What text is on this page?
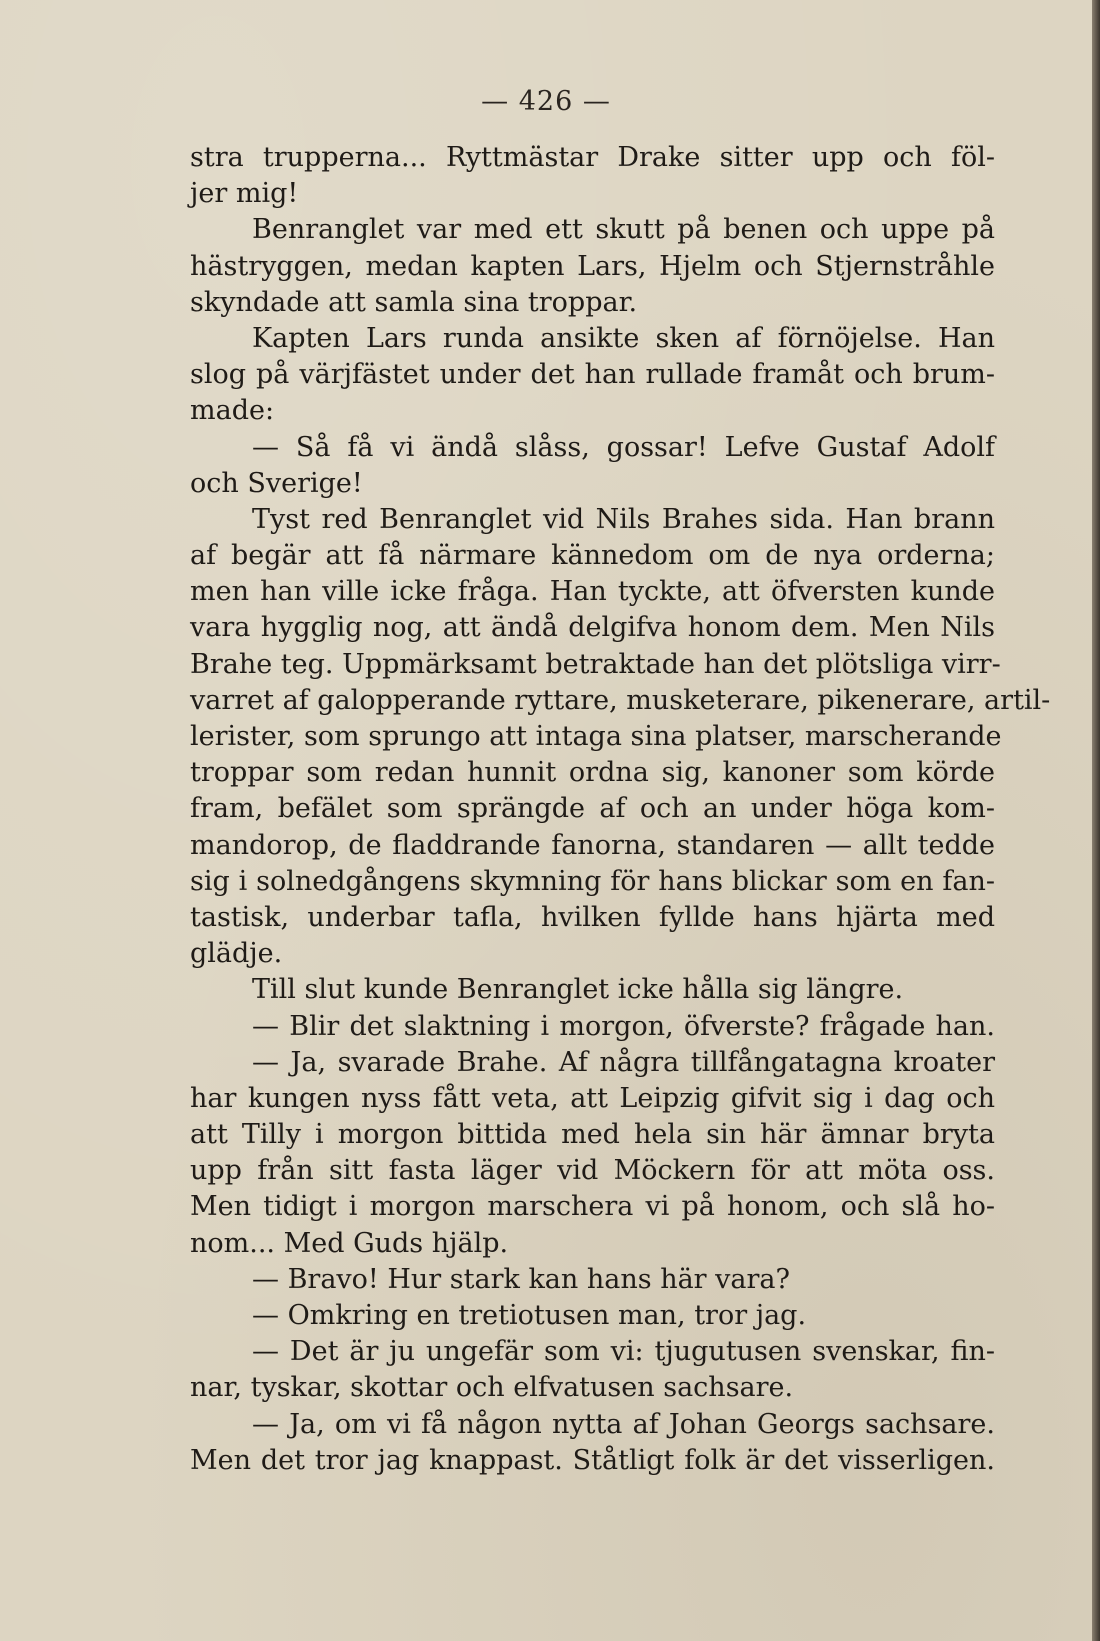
— 426 —
stra trupperna... Ryttmästar Drake sitter upp och föl-
jer mig!
Benranglet var med ett skutt på benen och uppe på
hästryggen, medan kapten Lars, Hjelm och Stjernstråhle
skyndade att samla sina troppar.
Kapten Lars runda ansikte sken af förnöjelse. Han
slog på värjfästet under det han rullade framåt och brum-
made:
— Så få vi ändå slåss, gossar! Lefve Gustaf Adolf
och Sverige!
Tyst red Benranglet vid Nils Brahes sida. Han brann
af begär att få närmare kännedom om de nya orderna;
men han ville icke fråga. Han tyckte, att öfversten kunde
vara hygglig nog, att ändå delgifva honom dem. Men Nils
Brahe teg. Uppmärksamt betraktade han det plötsliga virr-
varret af galopperande ryttare, musketerare, pikenerare, artil-
lerister, som sprungo att intaga sina platser, marscherande
troppar som redan hunnit ordna sig, kanoner som körde
fram, befälet som sprängde af och an under höga kom-
mandorop, de fladdrande fanorna, standaren — allt tedde
sig i solnedgångens skymning för hans blickar som en fan-
tastisk, underbar tafla, hvilken fyllde hans hjärta med
glädje.
Till slut kunde Benranglet icke hålla sig längre.
— Blir det slaktning i morgon, öfverste? frågade han.
— Ja, svarade Brahe. Af några tillfångatagna kroater
har kungen nyss fått veta, att Leipzig gifvit sig i dag och
att Tilly i morgon bittida med hela sin här ämnar bryta
upp från sitt fasta läger vid Möckern för att möta oss.
Men tidigt i morgon marschera vi på honom, och slå ho-
nom... Med Guds hjälp.
— Bravo! Hur stark kan hans här vara?
— Omkring en tretiotusen man, tror jag.
— Det är ju ungefär som vi: tjugutusen svenskar, fin-
nar, tyskar, skottar och elfvatusen sachsare.
— Ja, om vi få någon nytta af Johan Georgs sachsare.
Men det tror jag knappast. Ståtligt folk är det visserligen.
